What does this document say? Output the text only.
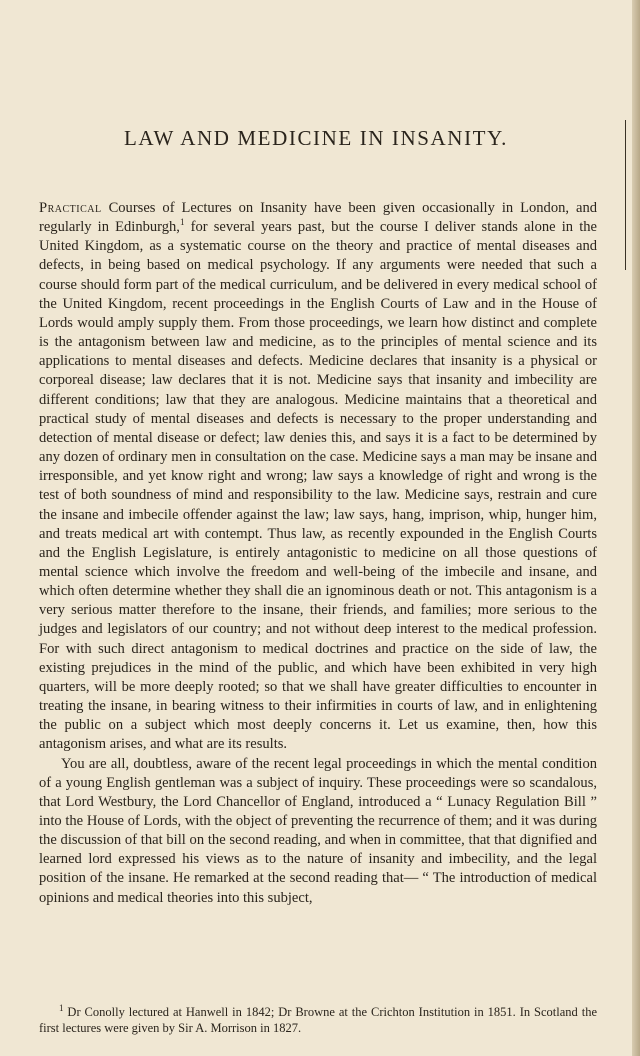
LAW AND MEDICINE IN INSANITY.

Practical Courses of Lectures on Insanity have been given occasionally in London, and regularly in Edinburgh,$^1$ for several years past, but the course I deliver stands alone in the United Kingdom, as a systematic course on the theory and practice of mental diseases and defects, in being based on medical psychology. If any arguments were needed that such a course should form part of the medical curriculum, and be delivered in every medical school of the United Kingdom, recent proceedings in the English Courts of Law and in the House of Lords would amply supply them. From those proceedings, we learn how distinct and complete is the antagonism between law and medicine, as to the principles of mental science and its applications to mental diseases and defects. Medicine declares that insanity is a physical or corporeal disease; law declares that it is not. Medicine says that insanity and imbecility are different conditions; law that they are analogous. Medicine maintains that a theoretical and practical study of mental diseases and defects is necessary to the proper understanding and detection of mental disease or defect; law denies this, and says it is a fact to be determined by any dozen of ordinary men in consultation on the case. Medicine says a man may be insane and irresponsible, and yet know right and wrong; law says a knowledge of right and wrong is the test of both soundness of mind and responsibility to the law. Medicine says, restrain and cure the insane and imbecile offender against the law; law says, hang, imprison, whip, hunger him, and treats medical art with contempt. Thus law, as recently expounded in the English Courts and the English Legislature, is entirely antagonistic to medicine on all those questions of mental science which involve the freedom and well-being of the imbecile and insane, and which often determine whether they shall die an ignominous death or not. This antagonism is a very serious matter therefore to the insane, their friends, and families; more serious to the judges and legislators of our country; and not without deep interest to the medical profession. For with such direct antagonism to medical doctrines and practice on the side of law, the existing prejudices in the mind of the public, and which have been exhibited in very high quarters, will be more deeply rooted; so that we shall have greater difficulties to encounter in treating the insane, in bearing witness to their infirmities in courts of law, and in enlightening the public on a subject which most deeply concerns it. Let us examine, then, how this antagonism arises, and what are its results.

You are all, doubtless, aware of the recent legal proceedings in which the mental condition of a young English gentleman was a subject of inquiry. These proceedings were so scandalous, that Lord Westbury, the Lord Chancellor of England, introduced a “ Lunacy Regulation Bill ” into the House of Lords, with the object of preventing the recurrence of them; and it was during the discussion of that bill on the second reading, and when in committee, that that dignified and learned lord expressed his views as to the nature of insanity and imbecility, and the legal position of the insane. He remarked at the second reading that— “ The introduction of medical opinions and medical theories into this subject,

$^1$ Dr Conolly lectured at Hanwell in 1842; Dr Browne at the Crichton Institution in 1851. In Scotland the first lectures were given by Sir A. Morrison in 1827.
